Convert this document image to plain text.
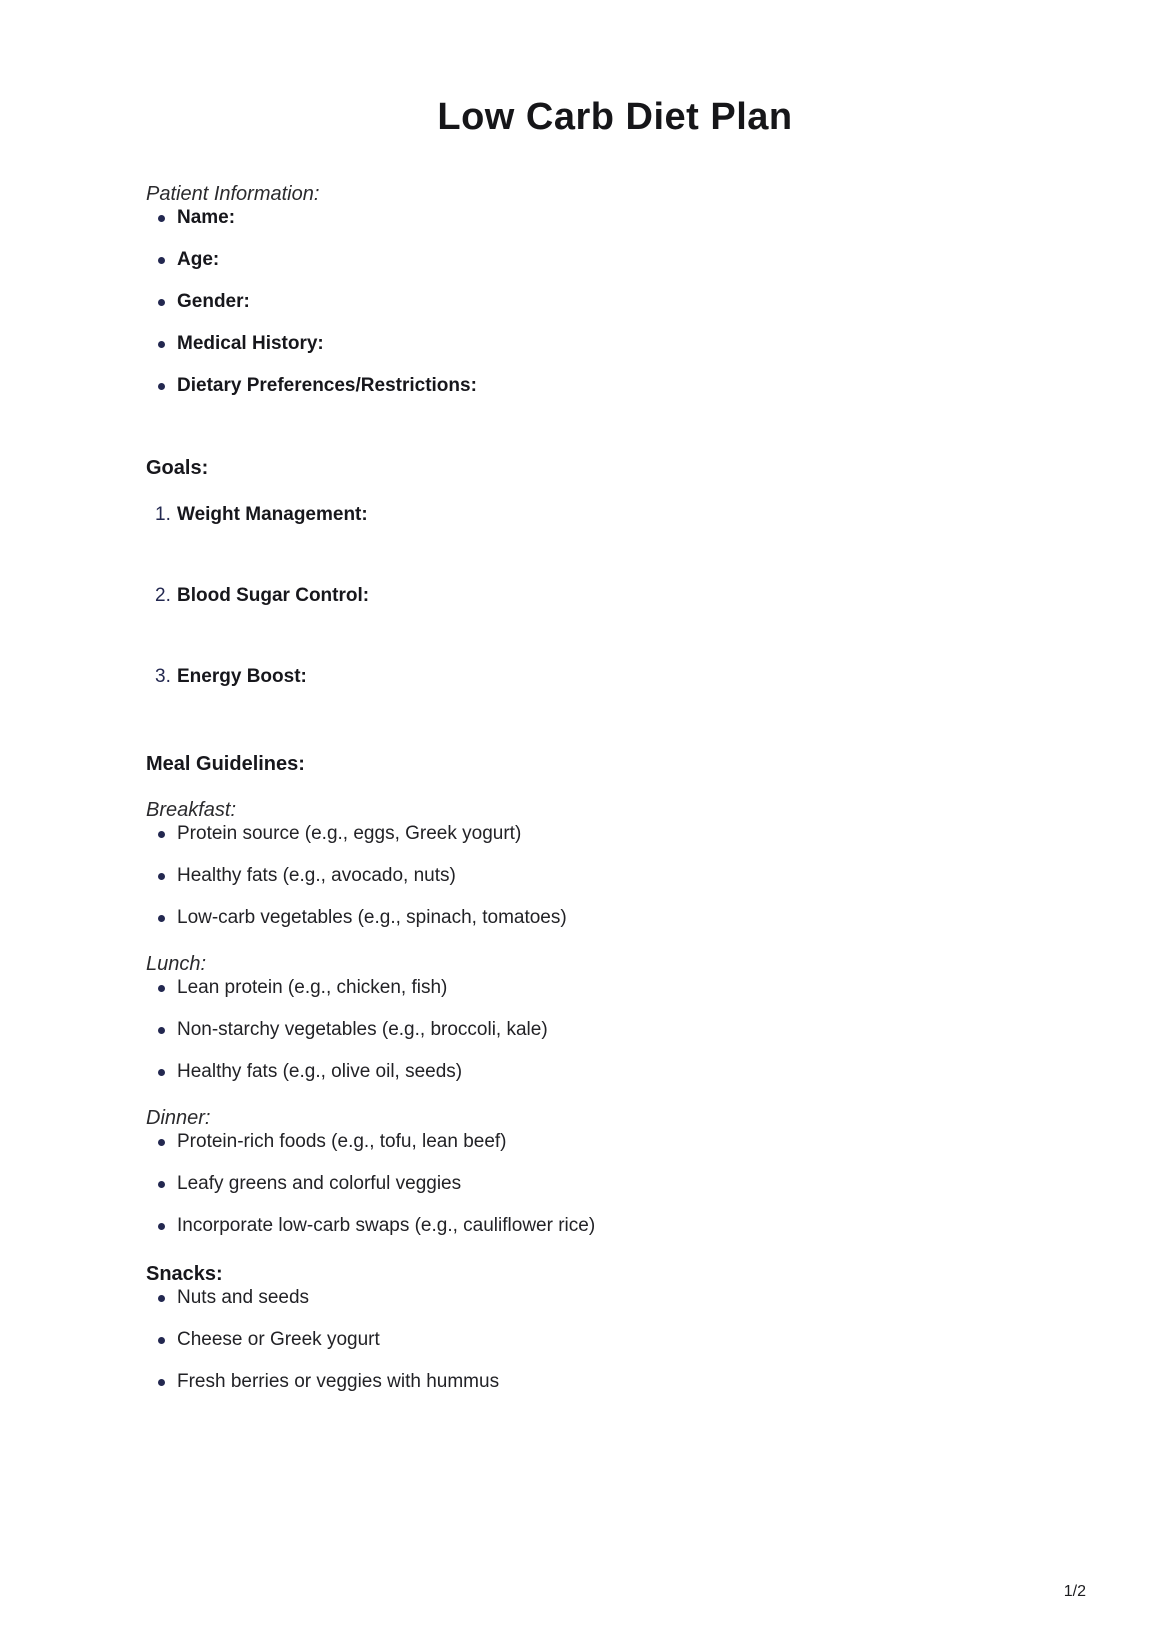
Low Carb Diet Plan

Patient Information:

Name:
Age:
Gender:
Medical History:
Dietary Preferences/Restrictions:

Goals:

1. Weight Management:
2. Blood Sugar Control:
3. Energy Boost:

Meal Guidelines:

Breakfast:

Protein source (e.g., eggs, Greek yogurt)
Healthy fats (e.g., avocado, nuts)
Low-carb vegetables (e.g., spinach, tomatoes)

Lunch:

Lean protein (e.g., chicken, fish)
Non-starchy vegetables (e.g., broccoli, kale)
Healthy fats (e.g., olive oil, seeds)

Dinner:

Protein-rich foods (e.g., tofu, lean beef)
Leafy greens and colorful veggies
Incorporate low-carb swaps (e.g., cauliflower rice)

Snacks:

Nuts and seeds
Cheese or Greek yogurt
Fresh berries or veggies with hummus
1/2
